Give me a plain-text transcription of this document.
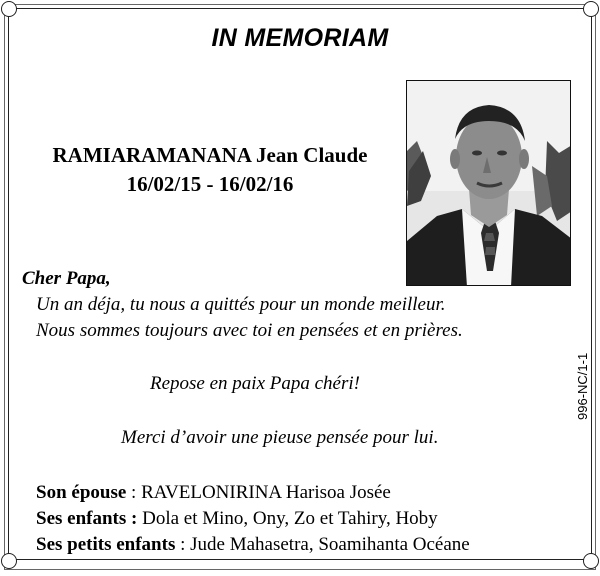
IN MEMORIAM
RAMIARAMANANA Jean Claude
16/02/15 - 16/02/16
Cher Papa,
Un an déja, tu nous a quittés pour un monde meilleur.
Nous sommes toujours avec toi en pensées et en prières.
Repose en paix Papa chéri!
Merci d’avoir une pieuse pensée pour lui.
Son épouse : RAVELONIRINA Harisoa Josée
Ses enfants : Dola et Mino, Ony, Zo et Tahiry, Hoby
Ses petits enfants : Jude Mahasetra, Soamihanta Océane
996-NC/1-1
